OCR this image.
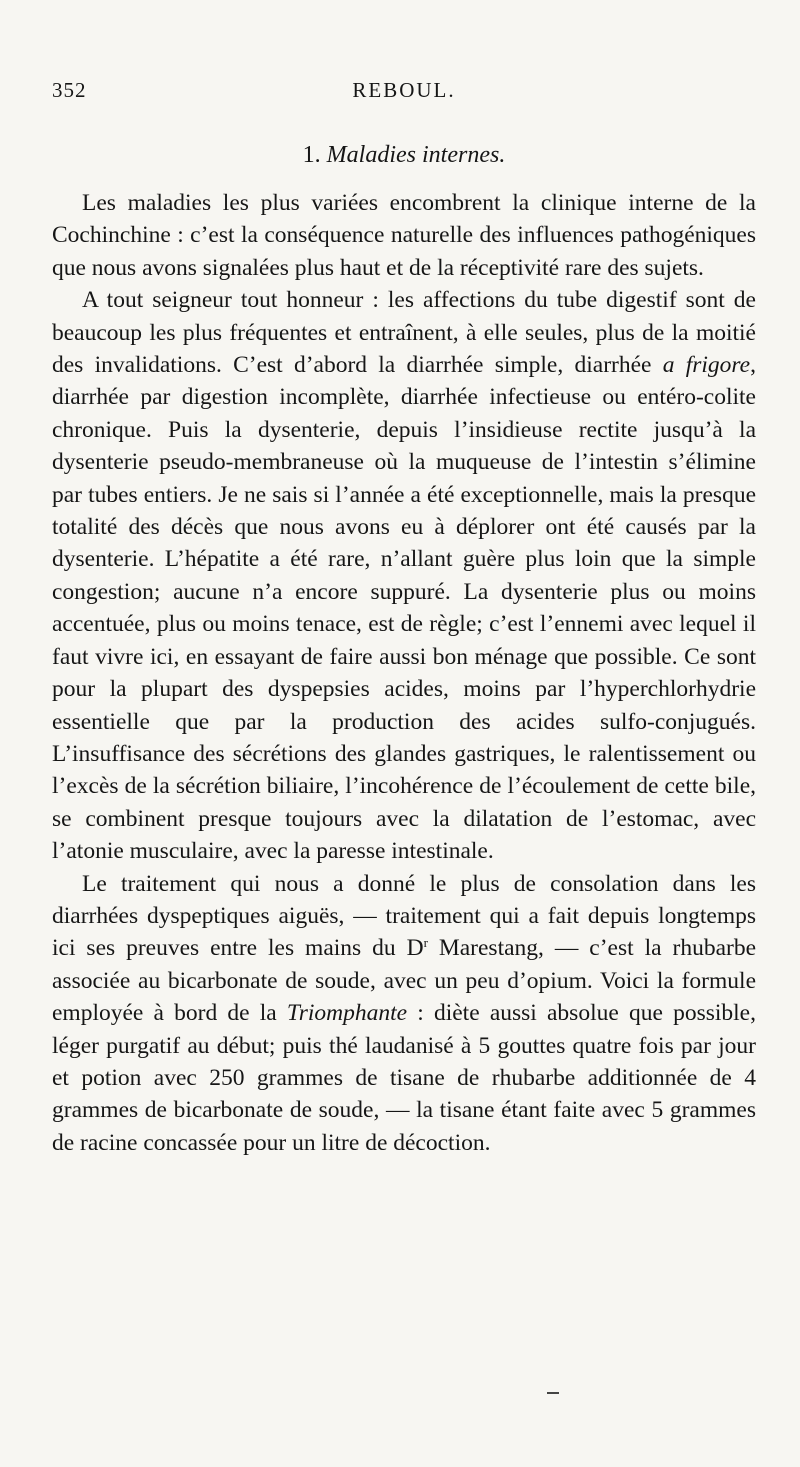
352	REBOUL.
1. Maladies internes.

Les maladies les plus variées encombrent la clinique interne de la Cochinchine : c’est la conséquence naturelle des influences pathogéniques que nous avons signalées plus haut et de la réceptivité rare des sujets.

A tout seigneur tout honneur : les affections du tube digestif sont de beaucoup les plus fréquentes et entraînent, à elle seules, plus de la moitié des invalidations. C’est d’abord la diarrhée simple, diarrhée a frigore, diarrhée par digestion incomplète, diarrhée infectieuse ou entéro-colite chronique. Puis la dysenterie, depuis l’insidieuse rectite jusqu’à la dysenterie pseudo-membraneuse où la muqueuse de l’intestin s’élimine par tubes entiers. Je ne sais si l’année a été exceptionnelle, mais la presque totalité des décès que nous avons eu à déplorer ont été causés par la dysenterie. L’hépatite a été rare, n’allant guère plus loin que la simple congestion; aucune n’a encore suppuré. La dysenterie plus ou moins accentuée, plus ou moins tenace, est de règle; c’est l’ennemi avec lequel il faut vivre ici, en essayant de faire aussi bon ménage que possible. Ce sont pour la plupart des dyspepsies acides, moins par l’hyperchlorhydrie essentielle que par la production des acides sulfo-conjugués. L’insuffisance des sécrétions des glandes gastriques, le ralentissement ou l’excès de la sécrétion biliaire, l’incohérence de l’écoulement de cette bile, se combinent presque toujours avec la dilatation de l’estomac, avec l’atonie musculaire, avec la paresse intestinale.

Le traitement qui nous a donné le plus de consolation dans les diarrhées dyspeptiques aiguës, — traitement qui a fait depuis longtemps ici ses preuves entre les mains du $D^r$ Marestang, — c’est la rhubarbe associée au bicarbonate de soude, avec un peu d’opium. Voici la formule employée à bord de la Triomphante : diète aussi absolue que possible, léger purgatif au début; puis thé laudanisé à 5 gouttes quatre fois par jour et potion avec 250 grammes de tisane de rhubarbe additionnée de 4 grammes de bicarbonate de soude, — la tisane étant faite avec 5 grammes de racine concassée pour un litre de décoction.
